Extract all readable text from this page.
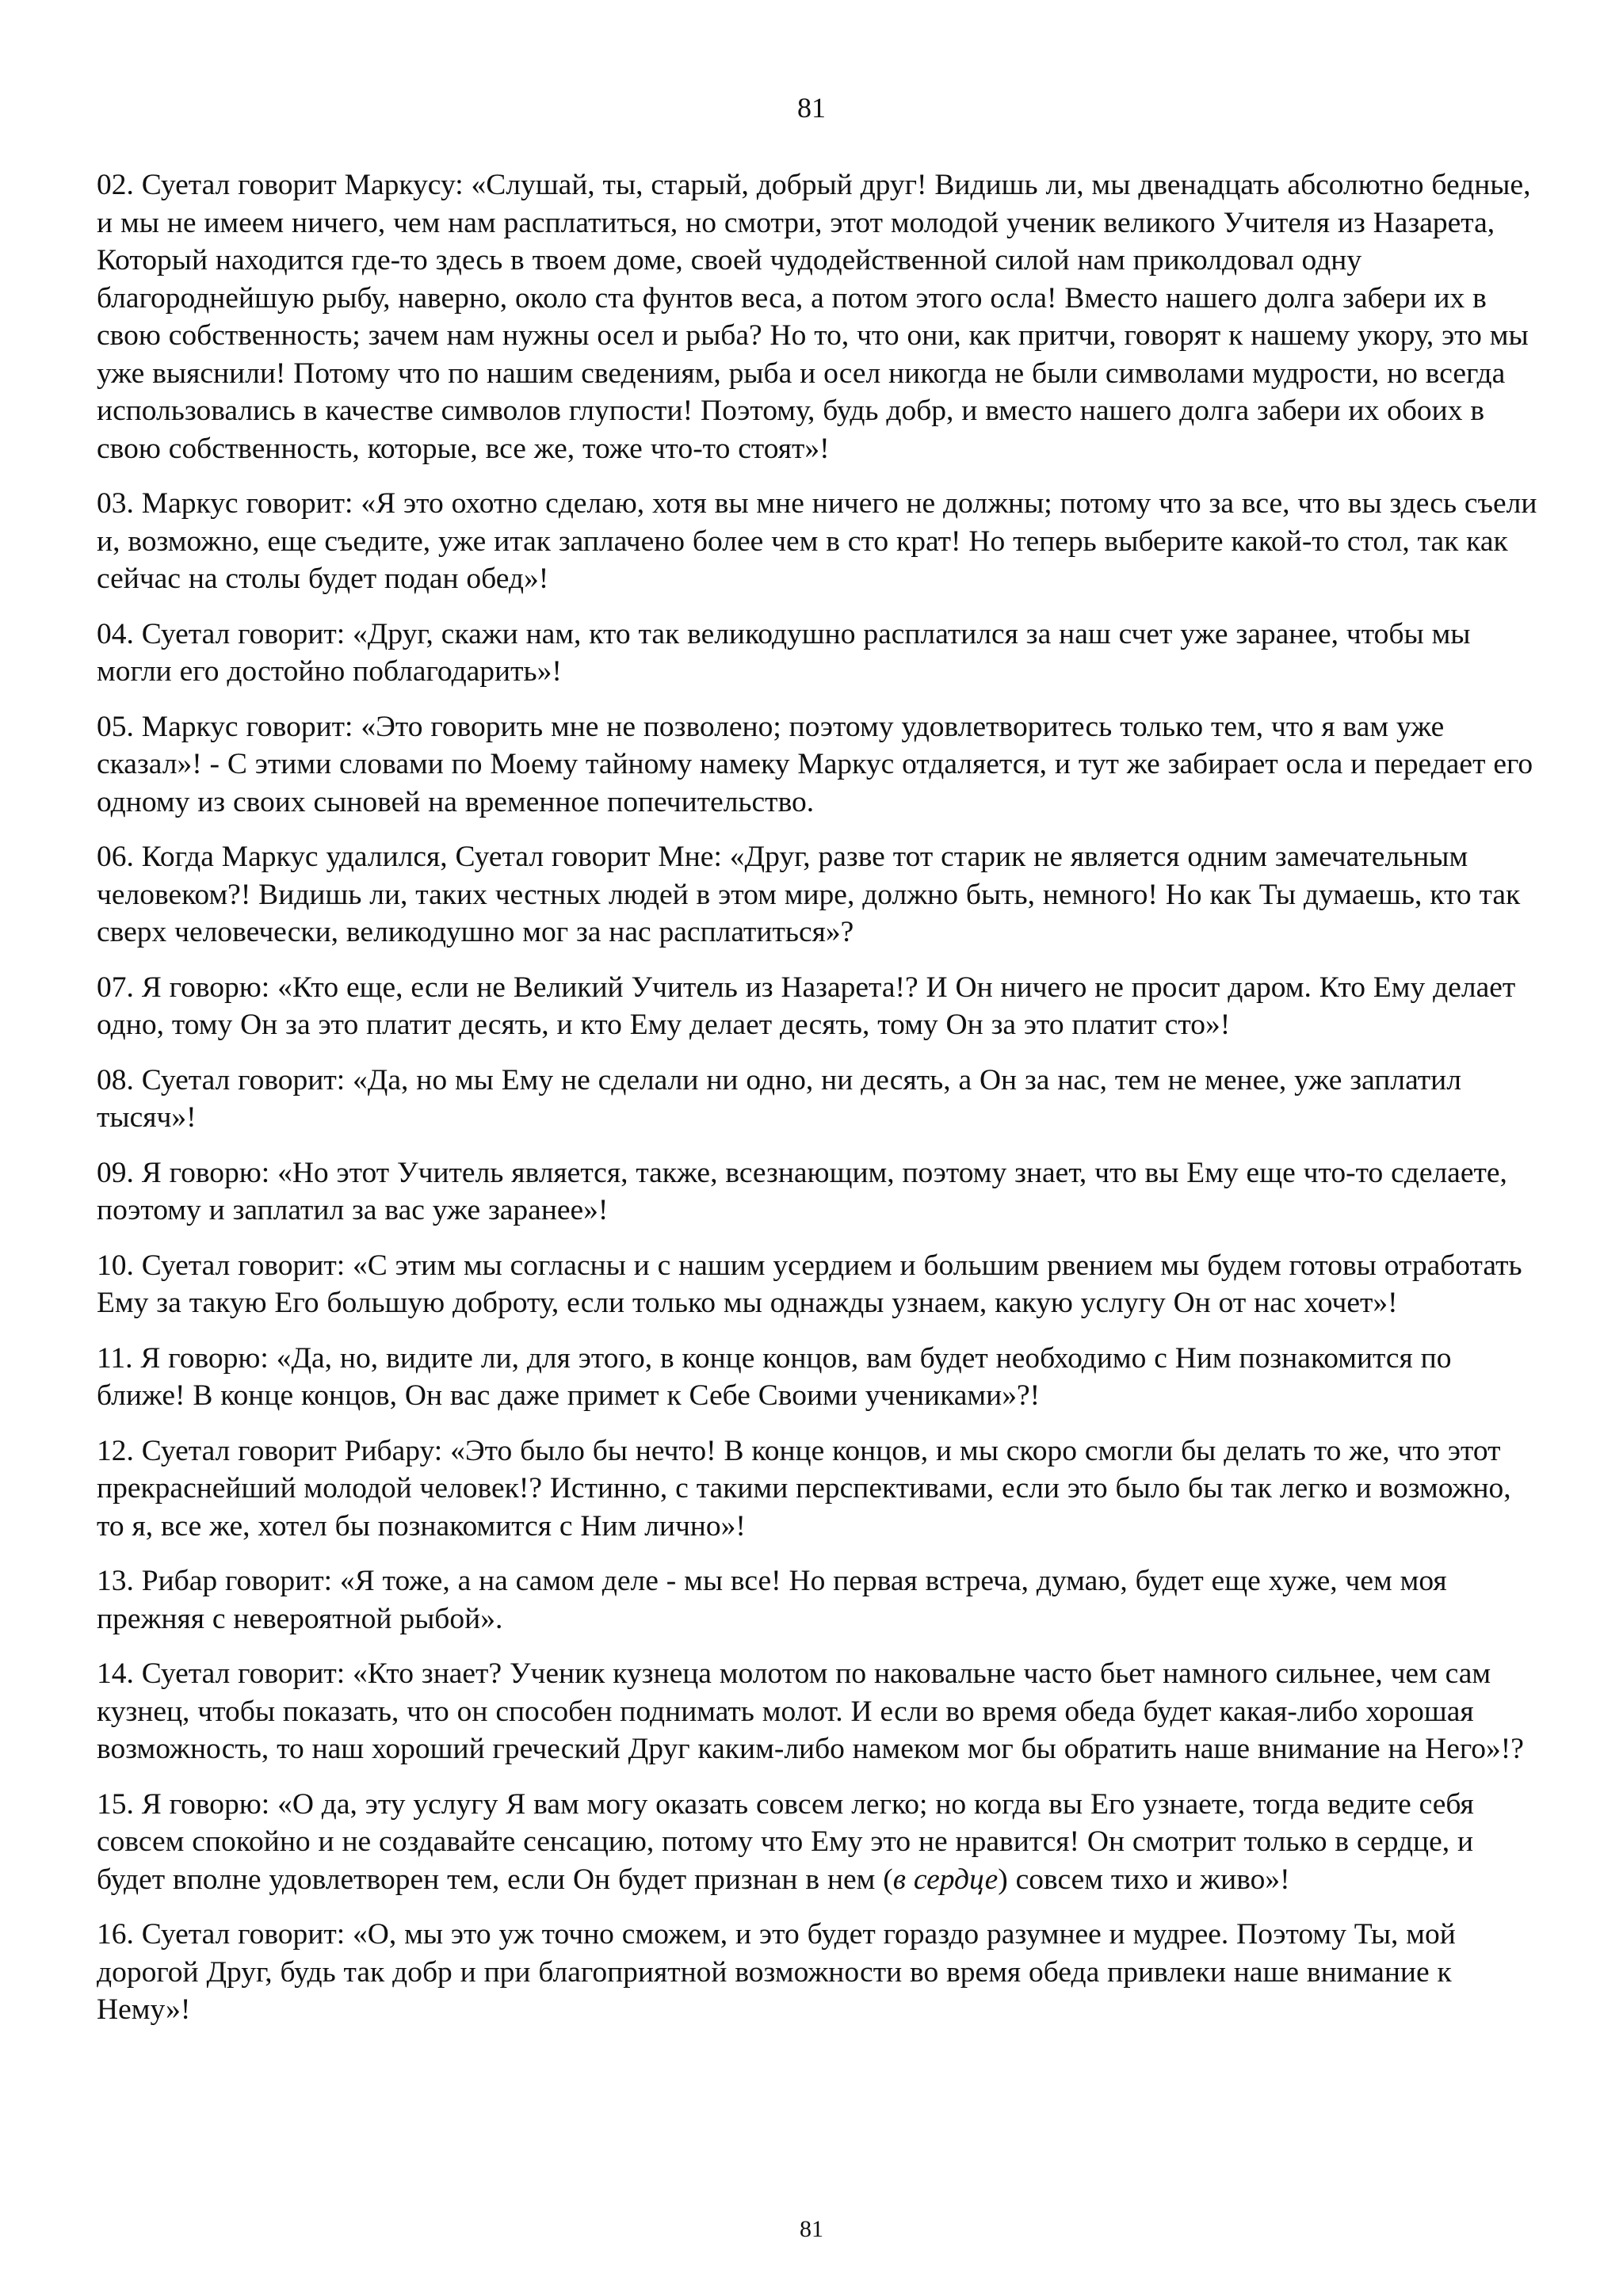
81

02. Суетал говорит Маркусу: «Слушай, ты, старый, добрый друг! Видишь ли, мы двенадцать абсолютно бедные, и мы не имеем ничего, чем нам расплатиться, но смотри, этот молодой ученик великого Учителя из Назарета, Который находится где-то здесь в твоем доме, своей чудодейственной силой нам приколдовал одну благороднейшую рыбу, наверно, около ста фунтов веса, а потом этого осла! Вместо нашего долга забери их в свою собственность; зачем нам нужны осел и рыба? Но то, что они, как притчи, говорят к нашему укору, это мы уже выяснили! Потому что по нашим сведениям, рыба и осел никогда не были символами мудрости, но всегда использовались в качестве символов глупости! Поэтому, будь добр, и вместо нашего долга забери их обоих в свою собственность, которые, все же, тоже что-то стоят»!

03. Маркус говорит: «Я это охотно сделаю, хотя вы мне ничего не должны; потому что за все, что вы здесь съели и, возможно, еще съедите, уже итак заплачено более чем в сто крат! Но теперь выберите какой-то стол, так как сейчас на столы будет подан обед»!

04. Суетал говорит: «Друг, скажи нам, кто так великодушно расплатился за наш счет уже заранее, чтобы мы могли его достойно поблагодарить»!

05. Маркус говорит: «Это говорить мне не позволено; поэтому удовлетворитесь только тем, что я вам уже сказал»! - С этими словами по Моему тайному намеку Маркус отдаляется, и тут же забирает осла и передает его одному из своих сыновей на временное попечительство.

06. Когда Маркус удалился, Суетал говорит Мне: «Друг, разве тот старик не является одним замечательным человеком?! Видишь ли, таких честных людей в этом мире, должно быть, немного! Но как Ты думаешь, кто так сверх человечески, великодушно мог за нас расплатиться»?

07. Я говорю: «Кто еще, если не Великий Учитель из Назарета!? И Он ничего не просит даром. Кто Ему делает одно, тому Он за это платит десять, и кто Ему делает десять, тому Он за это платит сто»!

08. Суетал говорит: «Да, но мы Ему не сделали ни одно, ни десять, а Он за нас, тем не менее, уже заплатил тысяч»!

09. Я говорю: «Но этот Учитель является, также, всезнающим, поэтому знает, что вы Ему еще что-то сделаете, поэтому и заплатил за вас уже заранее»!

10. Суетал говорит: «С этим мы согласны и с нашим усердием и большим рвением мы будем готовы отработать Ему за такую Его большую доброту, если только мы однажды узнаем, какую услугу Он от нас хочет»!

11. Я говорю: «Да, но, видите ли, для этого, в конце концов, вам будет необходимо с Ним познакомится по ближе! В конце концов, Он вас даже примет к Себе Своими учениками»?!

12. Суетал говорит Рибару: «Это было бы нечто! В конце концов, и мы скоро смогли бы делать то же, что этот прекраснейший молодой человек!? Истинно, с такими перспективами, если это было бы так легко и возможно, то я, все же, хотел бы познакомится с Ним лично»!

13. Рибар говорит: «Я тоже, а на самом деле - мы все! Но первая встреча, думаю, будет еще хуже, чем моя прежняя с невероятной рыбой».

14. Суетал говорит: «Кто знает? Ученик кузнеца молотом по наковальне часто бьет намного сильнее, чем сам кузнец, чтобы показать, что он способен поднимать молот. И если во время обеда будет какая-либо хорошая возможность, то наш хороший греческий Друг каким-либо намеком мог бы обратить наше внимание на Него»!?

15. Я говорю: «О да, эту услугу Я вам могу оказать совсем легко; но когда вы Его узнаете, тогда ведите себя совсем спокойно и не создавайте сенсацию, потому что Ему это не нравится! Он смотрит только в сердце, и будет вполне удовлетворен тем, если Он будет признан в нем (в сердце) совсем тихо и живо»!

16. Суетал говорит: «О, мы это уж точно сможем, и это будет гораздо разумнее и мудрее. Поэтому Ты, мой дорогой Друг, будь так добр и при благоприятной возможности во время обеда привлеки наше внимание к Нему»!

81
